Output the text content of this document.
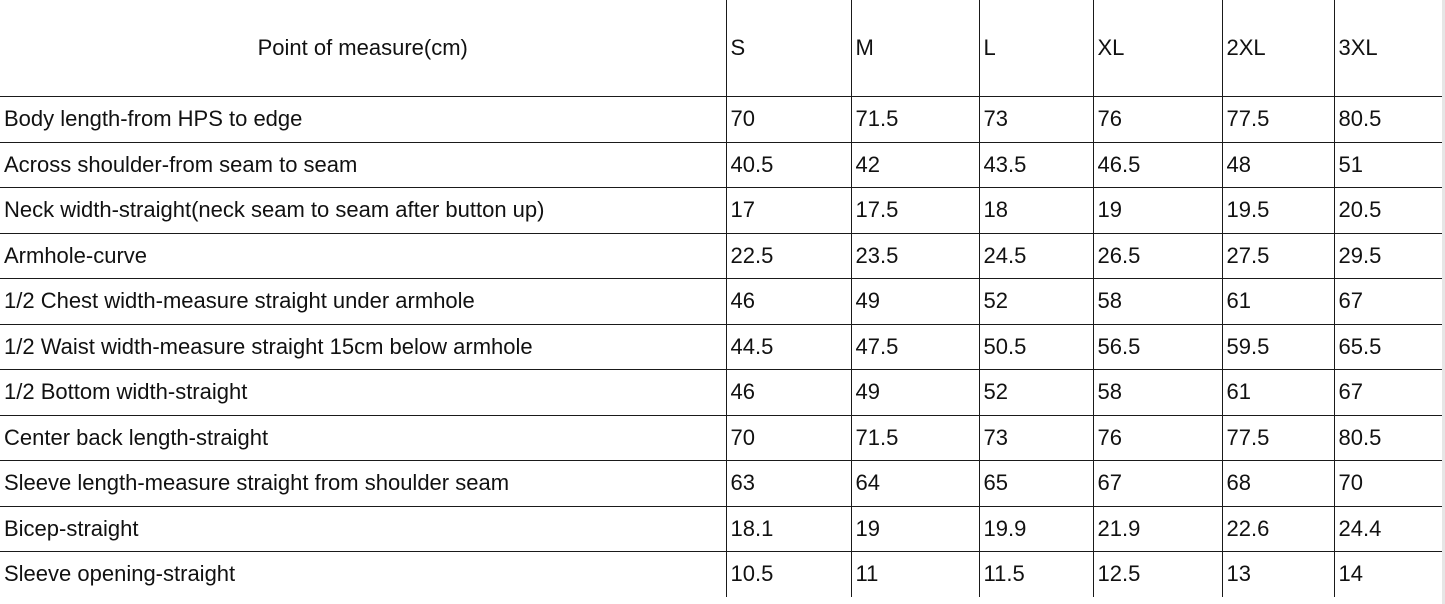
Point of measure(cm)	S	M	L	XL	2XL	3XL
Body length-from HPS to edge	70	71.5	73	76	77.5	80.5
Across shoulder-from seam to seam	40.5	42	43.5	46.5	48	51
Neck width-straight(neck seam to seam after button up)	17	17.5	18	19	19.5	20.5
Armhole-curve	22.5	23.5	24.5	26.5	27.5	29.5
1/2 Chest width-measure straight under armhole	46	49	52	58	61	67
1/2 Waist width-measure straight 15cm below armhole	44.5	47.5	50.5	56.5	59.5	65.5
1/2 Bottom width-straight	46	49	52	58	61	67
Center back length-straight	70	71.5	73	76	77.5	80.5
Sleeve length-measure straight from shoulder seam	63	64	65	67	68	70
Bicep-straight	18.1	19	19.9	21.9	22.6	24.4
Sleeve opening-straight	10.5	11	11.5	12.5	13	14
